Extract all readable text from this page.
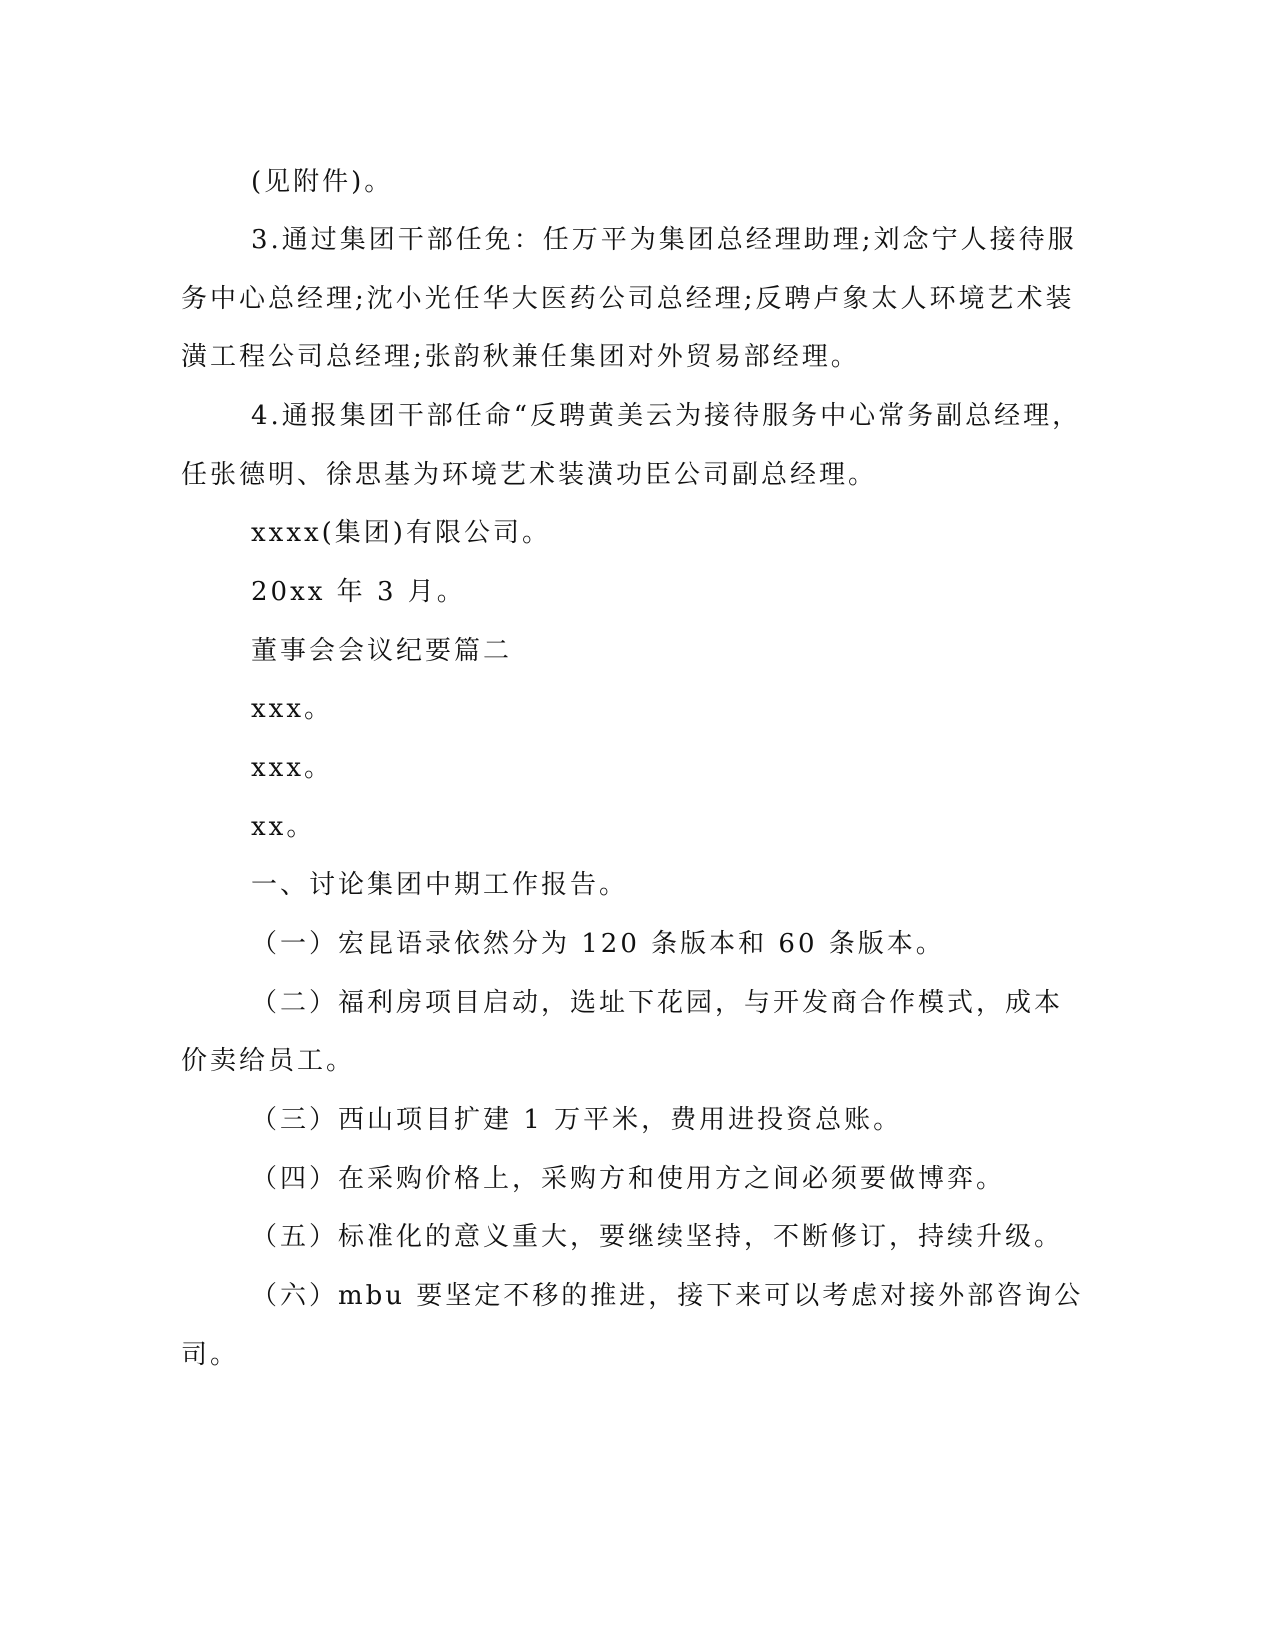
(见附件)。
3.通过集团干部任免：任万平为集团总经理助理;刘念宁人接待服
务中心总经理;沈小光任华大医药公司总经理;反聘卢象太人环境艺术装
潢工程公司总经理;张韵秋兼任集团对外贸易部经理。
4.通报集团干部任命“反聘黄美云为接待服务中心常务副总经理，
任张德明、徐思基为环境艺术装潢功臣公司副总经理。
xxxx(集团)有限公司。
20xx 年 3 月。
董事会会议纪要篇二
xxx。
xxx。
xx。
一、讨论集团中期工作报告。
（一）宏昆语录依然分为 120 条版本和 60 条版本。
（二）福利房项目启动，选址下花园，与开发商合作模式，成本
价卖给员工。
（三）西山项目扩建 1 万平米，费用进投资总账。
（四）在采购价格上，采购方和使用方之间必须要做博弈。
（五）标准化的意义重大，要继续坚持，不断修订，持续升级。
（六）mbu 要坚定不移的推进，接下来可以考虑对接外部咨询公
司。
